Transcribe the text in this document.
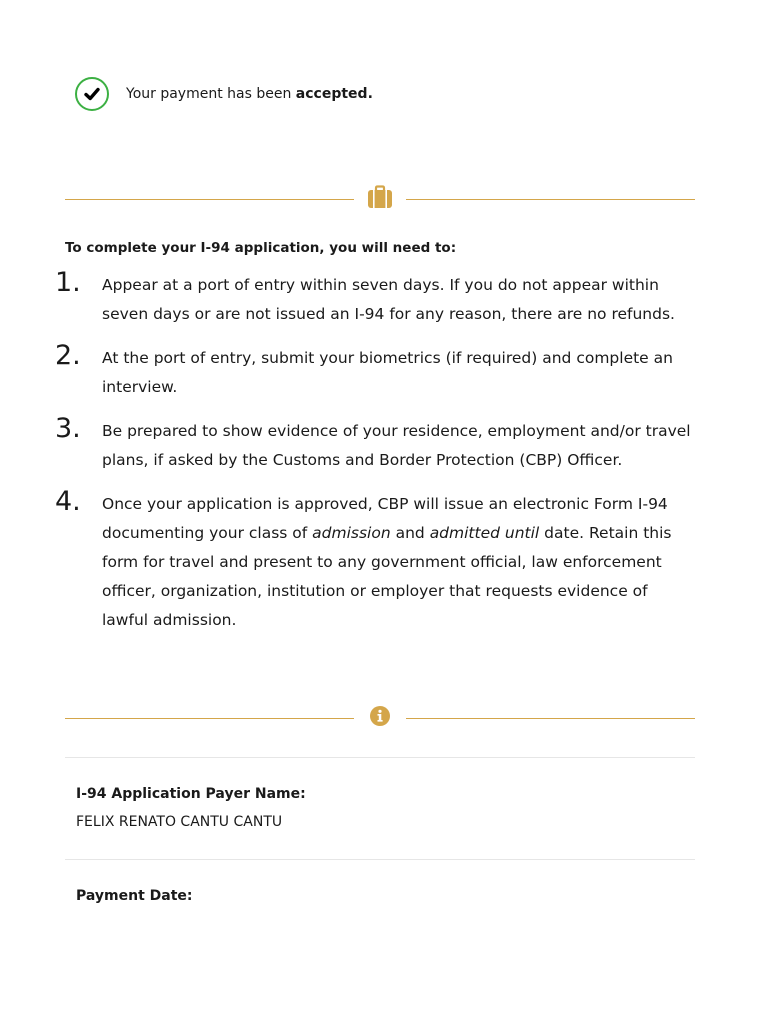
Your payment has been accepted.
To complete your I-94 application, you will need to:
1.	Appear at a port of entry within seven days. If you do not appear within seven days or are not issued an I-94 for any reason, there are no refunds.
2.	At the port of entry, submit your biometrics (if required) and complete an interview.
3.	Be prepared to show evidence of your residence, employment and/or travel plans, if asked by the Customs and Border Protection (CBP) Officer.
4.	Once your application is approved, CBP will issue an electronic Form I-94 documenting your class of admission and admitted until date. Retain this form for travel and present to any government official, law enforcement officer, organization, institution or employer that requests evidence of lawful admission.
I-94 Application Payer Name:
FELIX RENATO CANTU CANTU
Payment Date:
